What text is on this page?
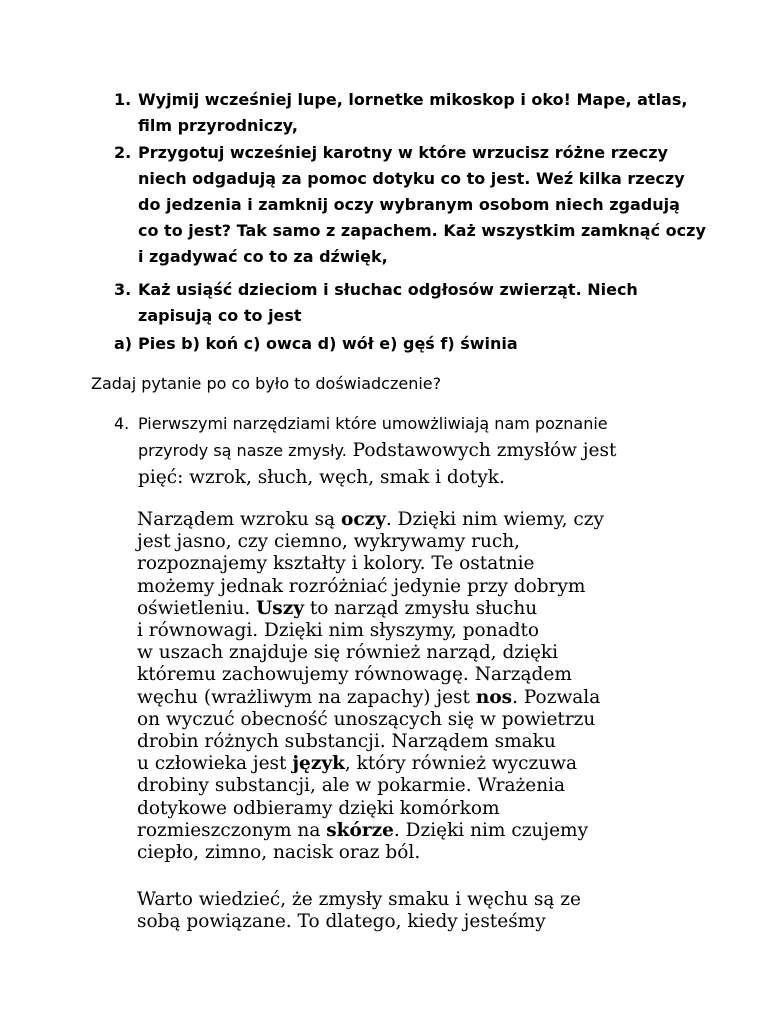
1. Wyjmij wcześniej lupe, lornetke mikoskop i oko! Mape, atlas,
film przyrodniczy,
2. Przygotuj wcześniej karotny w które wrzucisz różne rzeczy
niech odgadują za pomoc dotyku co to jest. Weź kilka rzeczy
do jedzenia i zamknij oczy wybranym osobom niech zgadują
co to jest? Tak samo z zapachem. Każ wszystkim zamknąć oczy
i zgadywać co to za dźwięk,
3. Każ usiąść dzieciom i słuchac odgłosów zwierząt. Niech
zapisują co to jest
a) Pies b) koń c) owca d) wół e) gęś f) świnia
Zadaj pytanie po co było to doświadczenie?
4. Pierwszymi narzędziami które umowżliwiają nam poznanie
przyrody są nasze zmysły. Podstawowych zmysłów jest
pięć: wzrok, słuch, węch, smak i dotyk.
Narządem wzroku są oczy. Dzięki nim wiemy, czy
jest jasno, czy ciemno, wykrywamy ruch,
rozpoznajemy kształty i kolory. Te ostatnie
możemy jednak rozróżniać jedynie przy dobrym
oświetleniu. Uszy to narząd zmysłu słuchu
i równowagi. Dzięki nim słyszymy, ponadto
w uszach znajduje się również narząd, dzięki
któremu zachowujemy równowagę. Narządem
węchu (wrażliwym na zapachy) jest nos. Pozwala
on wyczuć obecność unoszących się w powietrzu
drobin różnych substancji. Narządem smaku
u człowieka jest język, który również wyczuwa
drobiny substancji, ale w pokarmie. Wrażenia
dotykowe odbieramy dzięki komórkom
rozmieszczonym na skórze. Dzięki nim czujemy
ciepło, zimno, nacisk oraz ból.
Warto wiedzieć, że zmysły smaku i węchu są ze
sobą powiązane. To dlatego, kiedy jesteśmy
